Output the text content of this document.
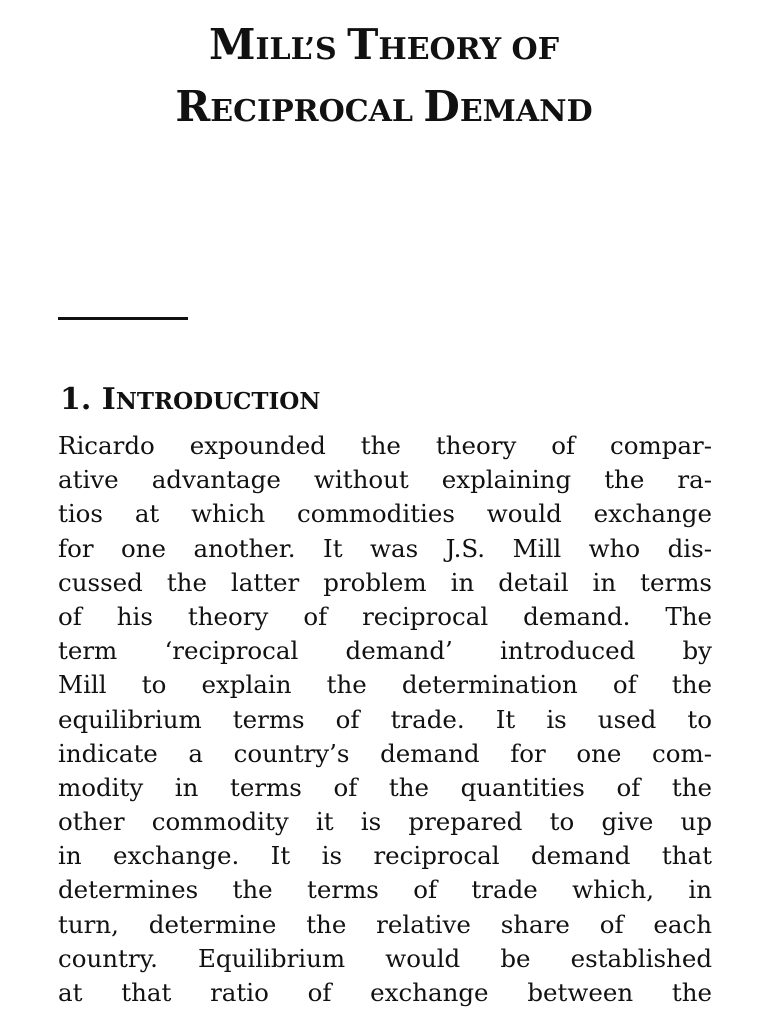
MILL’S THEORY OF
RECIPROCAL DEMAND
1. INTRODUCTION
Ricardo expounded the theory of compar-
ative advantage without explaining the ra-
tios at which commodities would exchange
for one another. It was J.S. Mill who dis-
cussed the latter problem in detail in terms
of his theory of reciprocal demand. The
term ‘reciprocal demand’ introduced by
Mill to explain the determination of the
equilibrium terms of trade. It is used to
indicate a country’s demand for one com-
modity in terms of the quantities of the
other commodity it is prepared to give up
in exchange. It is reciprocal demand that
determines the terms of trade which, in
turn, determine the relative share of each
country. Equilibrium would be established
at that ratio of exchange between the
